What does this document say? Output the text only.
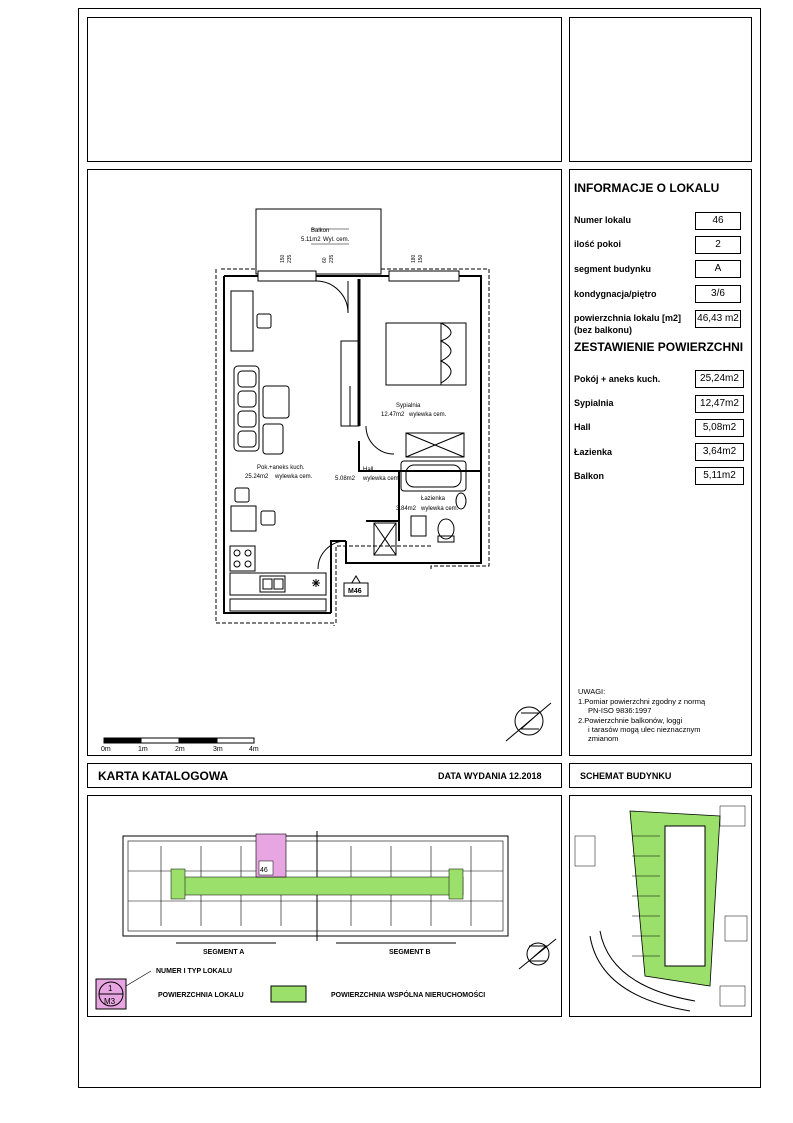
Balkon
5.11m2 Wyl. cem.
Sypialnia
12.47m2 wylewka cem.
Pok.+aneks kuch.
25.24m2 wylewka cem.
Hall
5.08m2 wylewka cem.
Łazienka
3.84m2 wylewka cem.
M46
150 235	60 235	180 150
0m	1m	2m	3m	4m
INFORMACJE O LOKALU
Numer lokalu	46
ilość pokoi	2
segment budynku	A
kondygnacja/piętro	3/6
powierzchnia lokalu [m2]
(bez balkonu)
46,43 m2
ZESTAWIENIE POWIERZCHNI
Pokój + aneks kuch.	25,24m2
Sypialnia	12,47m2
Hall	5,08m2
Łazienka	3,64m2
Balkon	5,11m2
UWAGI:
1.Pomiar powierzchni zgodny z normą
PN-ISO 9836:1997
2.Powierzchnie balkonów, loggi
i tarasów mogą ulec nieznacznym
zmianom
KARTA KATALOGOWA	DATA WYDANIA 12.2018	SCHEMAT BUDYNKU
SEGMENT A	SEGMENT B
46
1
M3
NUMER I TYP LOKALU
POWIERZCHNIA LOKALU	POWIERZCHNIA WSPÓLNA NIERUCHOMOŚCI
